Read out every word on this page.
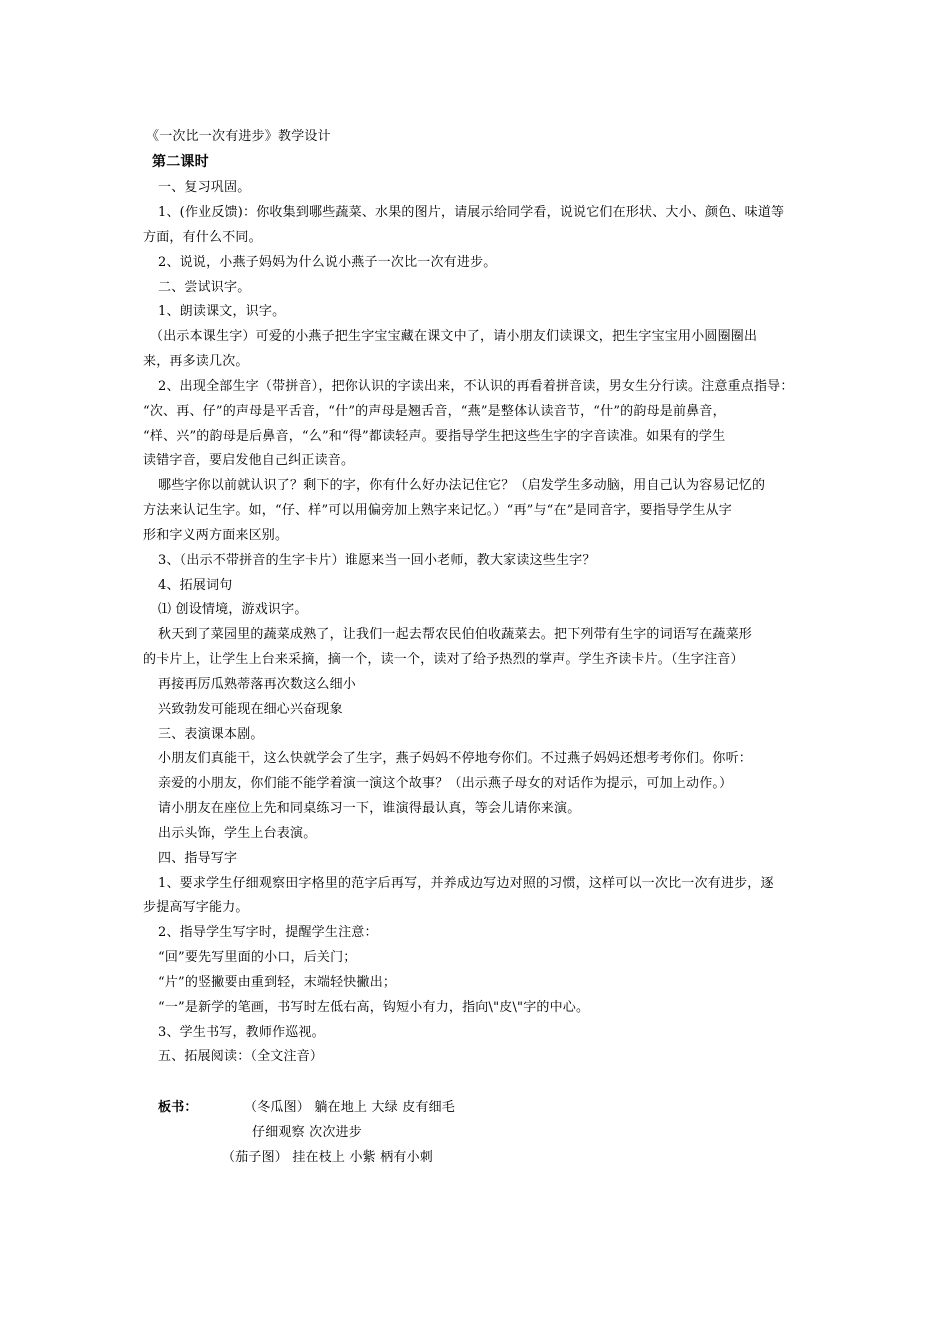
《一次比一次有进步》教学设计
第二课时
一、复习巩固。
1、(作业反馈)：你收集到哪些蔬菜、水果的图片，请展示给同学看，说说它们在形状、大小、颜色、味道等
方面，有什么不同。
2、说说，小燕子妈妈为什么说小燕子一次比一次有进步。
二、尝试识字。
1、朗读课文，识字。
（出示本课生字）可爱的小燕子把生字宝宝藏在课文中了，请小朋友们读课文，把生字宝宝用小圆圈圈出
来，再多读几次。
2、出现全部生字（带拼音），把你认识的字读出来，不认识的再看着拼音读，男女生分行读。注意重点指导：
“次、再、仔”的声母是平舌音，“什”的声母是翘舌音，“燕”是整体认读音节，“什”的韵母是前鼻音，
“样、兴”的韵母是后鼻音，“么”和“得”都读轻声。要指导学生把这些生字的字音读准。如果有的学生
读错字音，要启发他自己纠正读音。
哪些字你以前就认识了？剩下的字，你有什么好办法记住它？（启发学生多动脑，用自己认为容易记忆的
方法来认记生字。如，“仔、样”可以用偏旁加上熟字来记忆。）“再”与“在”是同音字，要指导学生从字
形和字义两方面来区别。
3、（出示不带拼音的生字卡片）谁愿来当一回小老师，教大家读这些生字？
4、拓展词句
⑴ 创设情境，游戏识字。
秋天到了菜园里的蔬菜成熟了，让我们一起去帮农民伯伯收蔬菜去。把下列带有生字的词语写在蔬菜形
的卡片上，让学生上台来采摘，摘一个，读一个，读对了给予热烈的掌声。学生齐读卡片。（生字注音）
再接再厉瓜熟蒂落再次数这么细小
兴致勃发可能现在细心兴奋现象
三、表演课本剧。
小朋友们真能干，这么快就学会了生字，燕子妈妈不停地夸你们。不过燕子妈妈还想考考你们。你听：
亲爱的小朋友，你们能不能学着演一演这个故事？（出示燕子母女的对话作为提示，可加上动作。）
请小朋友在座位上先和同桌练习一下，谁演得最认真，等会儿请你来演。
出示头饰，学生上台表演。
四、指导写字
1、要求学生仔细观察田字格里的范字后再写，并养成边写边对照的习惯，这样可以一次比一次有进步，逐
步提高写字能力。
2、指导学生写字时，提醒学生注意：
“回”要先写里面的小口，后关门；
“片”的竖撇要由重到轻，末端轻快撇出；
“一”是新学的笔画，书写时左低右高，钩短小有力，指向\"皮\"字的中心。
3、学生书写，教师作巡视。
五、拓展阅读：（全文注音）
板书：	（冬瓜图） 躺在地上 大绿 皮有细毛
仔细观察 次次进步
（茄子图） 挂在枝上 小紫 柄有小刺
